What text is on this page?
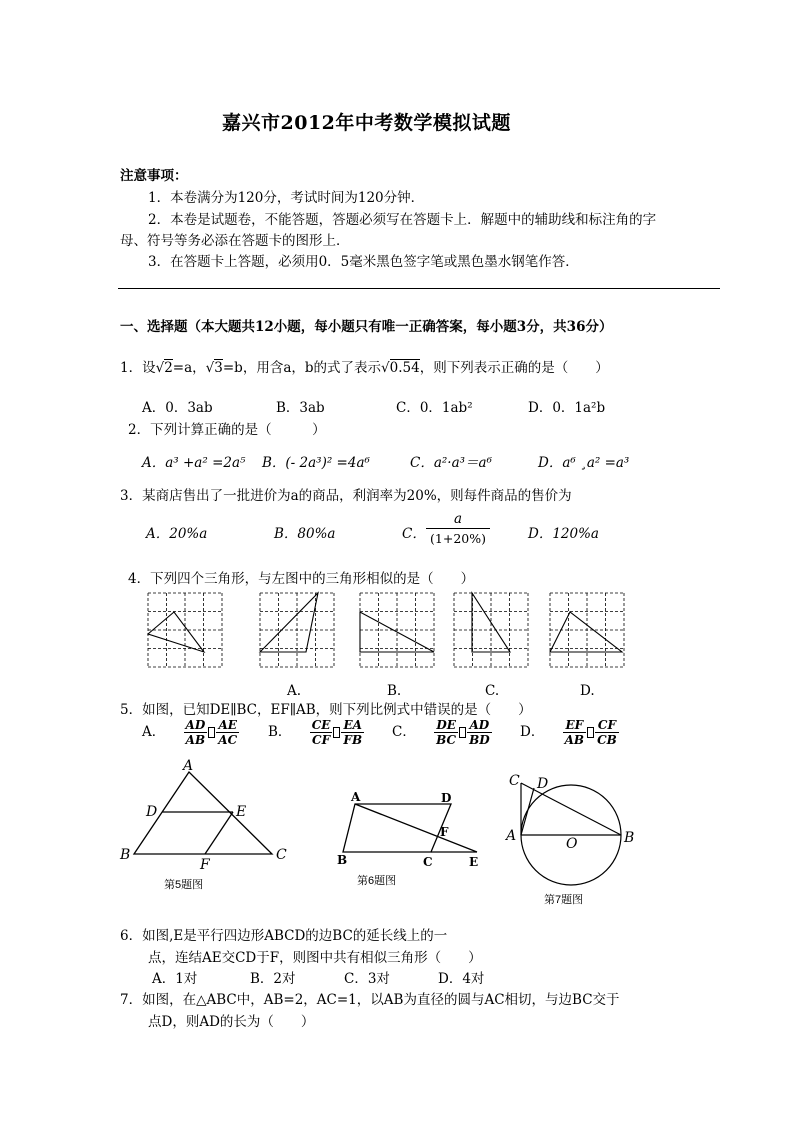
嘉兴市2012年中考数学模拟试题
注意事项：
1．本卷满分为120分，考试时间为120分钟．
2．本卷是试题卷，不能答题，答题必须写在答题卡上．解题中的辅助线和标注角的字
母、符号等务必添在答题卡的图形上．
3．在答题卡上答题，必须用0．5毫米黑色签字笔或黑色墨水钢笔作答．
一、选择题（本大题共12小题，每小题只有唯一正确答案，每小题3分，共36分）
1．设√2=a，√3=b，用含a，b的式了表示√0.54，则下列表示正确的是（　　）
A．0．3ab	B．3ab	C．0．1ab²	D．0．1a²b
2．下列计算正确的是（　　　）
A．a³ +a² =2a⁵ B．(- 2a³)² =4a⁶	C．a²·a³＝a⁶	D．a⁶ ¸a² =a³
3．某商店售出了一批进价为a的商品，利润率为20%，则每件商品的售价为
A．20%a	B．80%a	C．
a
(1+20%)	D．120%a
4．下列四个三角形，与左图中的三角形相似的是（　　）
A.	B.	C.	D.
5．如图，已知DE∥BC，EF∥AB，则下列比例式中错误的是（　　）
A． $\frac{AD}{AB} \frac{AE}{AC}$ B． $\frac{CE}{CF} \frac{EA}{FB}$ C． $\frac{DE}{BC} \frac{AD}{BD}$ D． $\frac{EF}{AB} \frac{CF}{CB}$
A
B	C
D	E
F
第5题图
A	D
B	C	E
F
第6题图
C D
A	B
O
第7题图
6．如图,E是平行四边形ABCD的边BC的延长线上的一
点，连结AE交CD于F，则图中共有相似三角形（　　）
A．1对	B．2对	C．3对	D．4对
7．如图，在△ABC中，AB=2，AC=1，以AB为直径的圆与AC相切，与边BC交于
点D，则AD的长为（　　）
